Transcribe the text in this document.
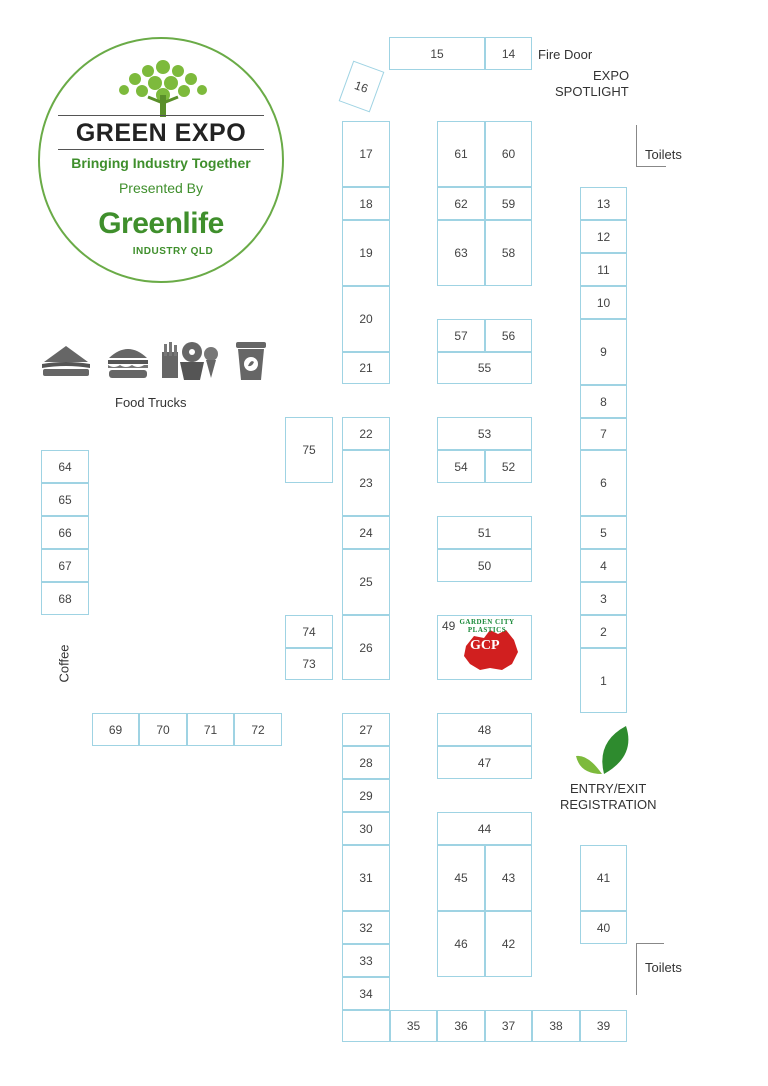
GREEN EXPO
Bringing Industry Together
Presented By
Greenlife
INDUSTRY QLD
Fire Door
EXPO
SPOTLIGHT
Toilets
Toilets
Food Trucks
Coffee
ENTRY/EXIT
REGISTRATION
15	14
16
17
18
19
20
21
22
23
24
25
26
27
28
29
30
31
32
33
34
35	36	37	38	39
61	60
62	59
63	58
57	56
55
53
54	52
51
50
49
GCP
GARDEN CITY PLASTICS
48
47
44
45	43
46	42
13
12
11
10
9
8
7
6
5
4
3
2
1
41
40
64
65
66
67
68
75
74
73
69	70	71	72
